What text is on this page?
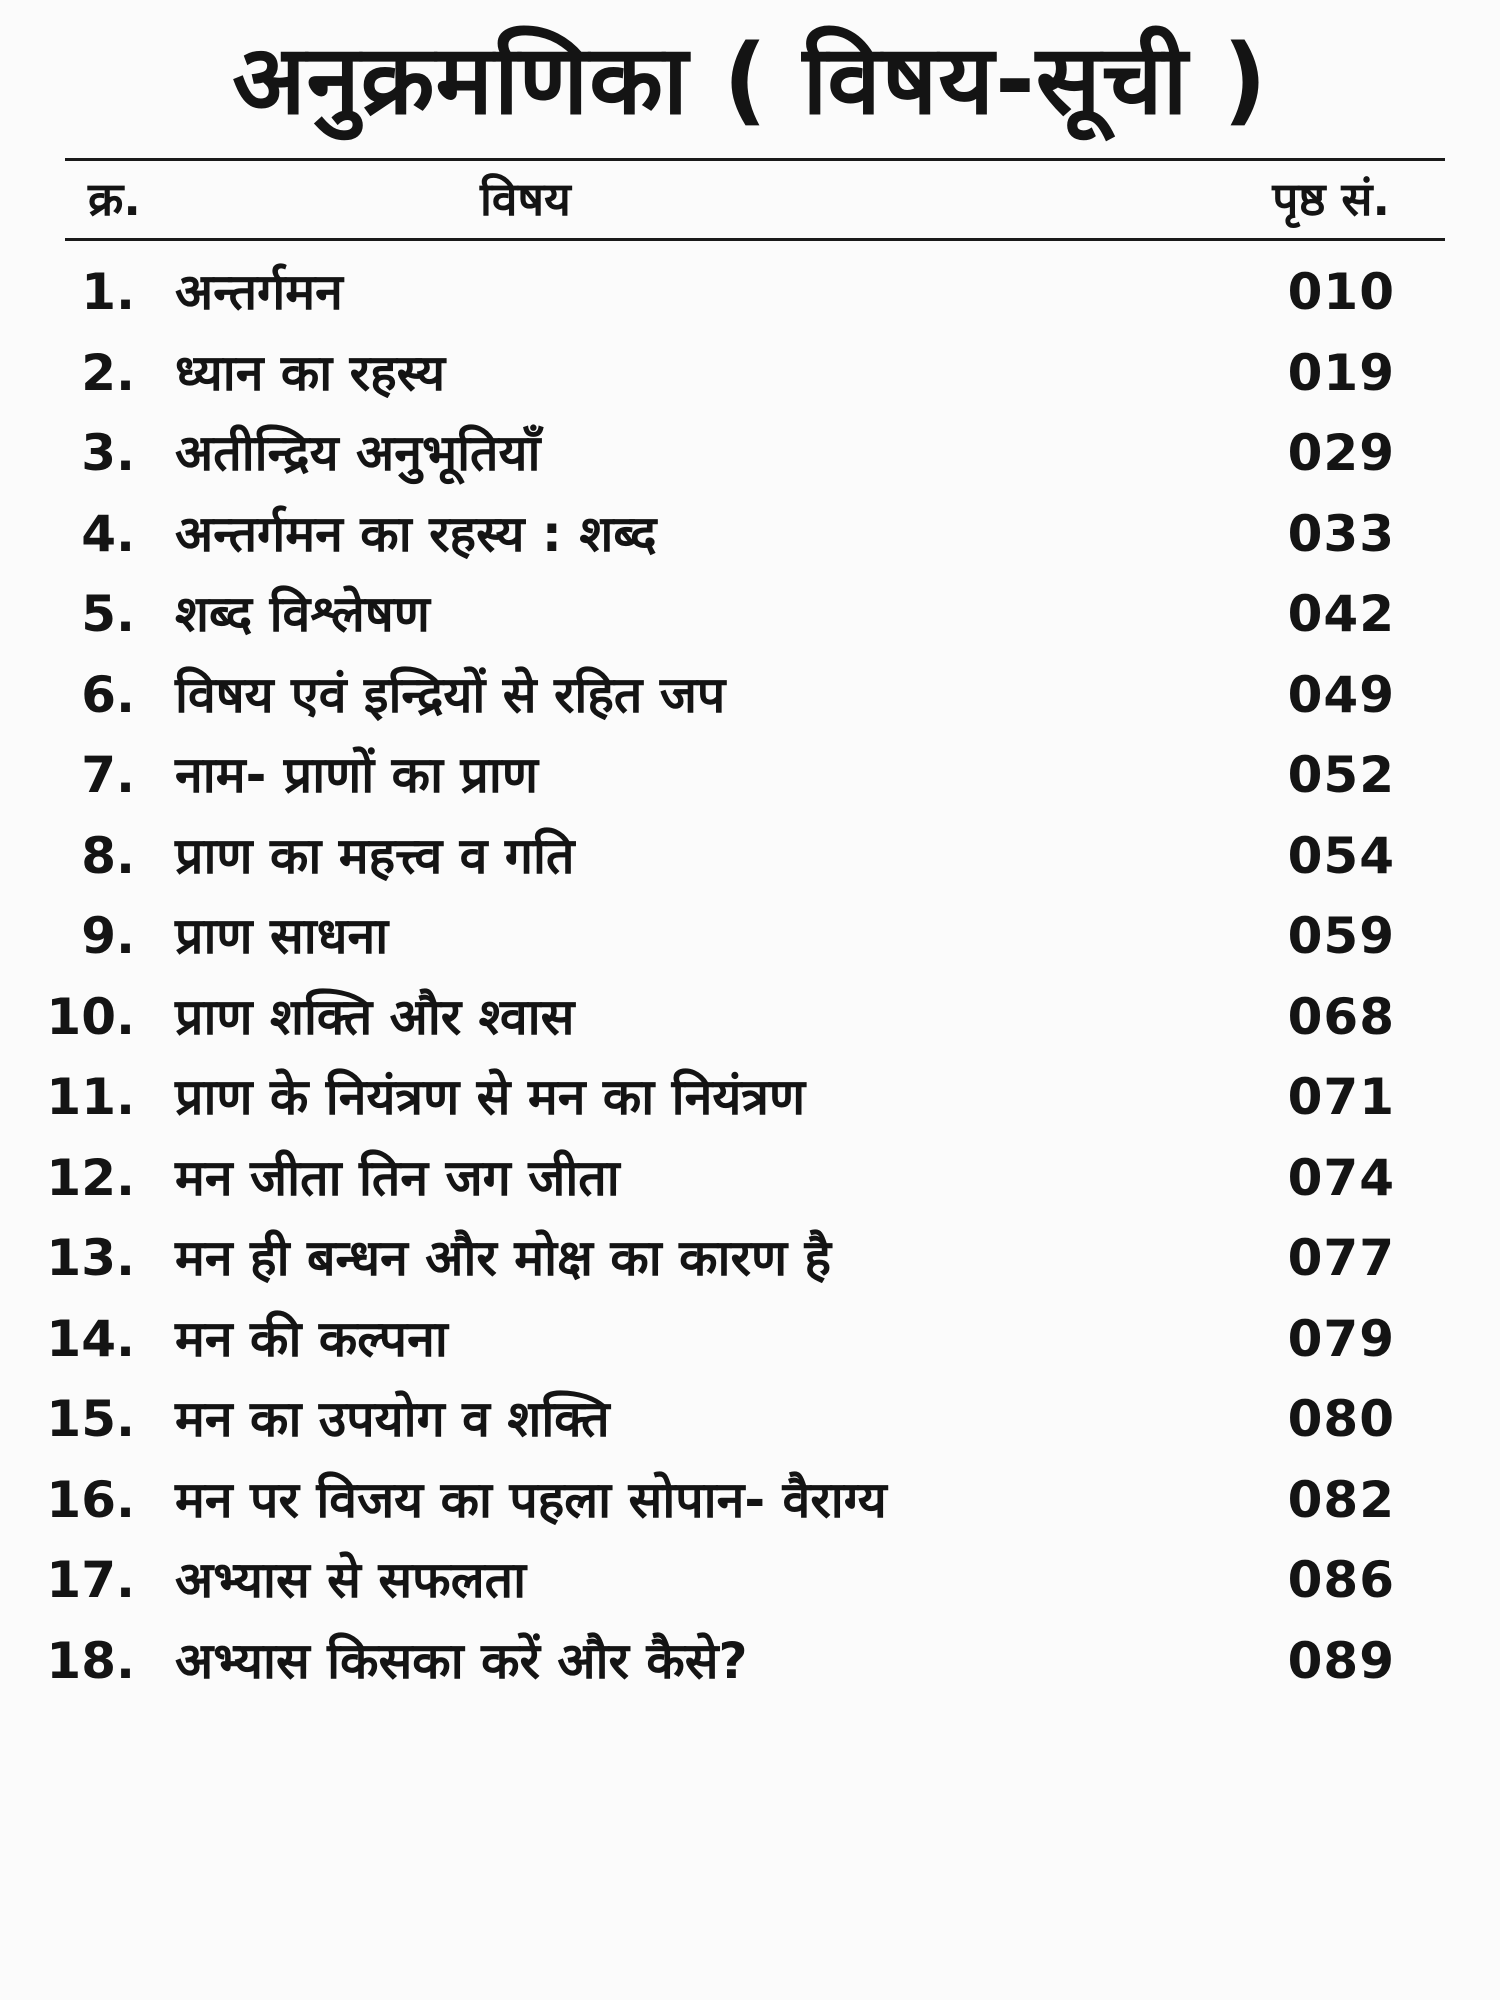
अनुक्रमणिका ( विषय-सूची )
क्र.	विषय	पृष्ठ सं.
1. अन्तर्गमन	010
2. ध्यान का रहस्य	019
3. अतीन्द्रिय अनुभूतियाँ	029
4. अन्तर्गमन का रहस्य : शब्द	033
5. शब्द विश्लेषण	042
6. विषय एवं इन्द्रियों से रहित जप	049
7. नाम- प्राणों का प्राण	052
8. प्राण का महत्त्व व गति	054
9. प्राण साधना	059
10. प्राण शक्ति और श्वास	068
11. प्राण के नियंत्रण से मन का नियंत्रण	071
12. मन जीता तिन जग जीता	074
13. मन ही बन्धन और मोक्ष का कारण है	077
14. मन की कल्पना	079
15. मन का उपयोग व शक्ति	080
16. मन पर विजय का पहला सोपान- वैराग्य	082
17. अभ्यास से सफलता	086
18. अभ्यास किसका करें और कैसे?	089
